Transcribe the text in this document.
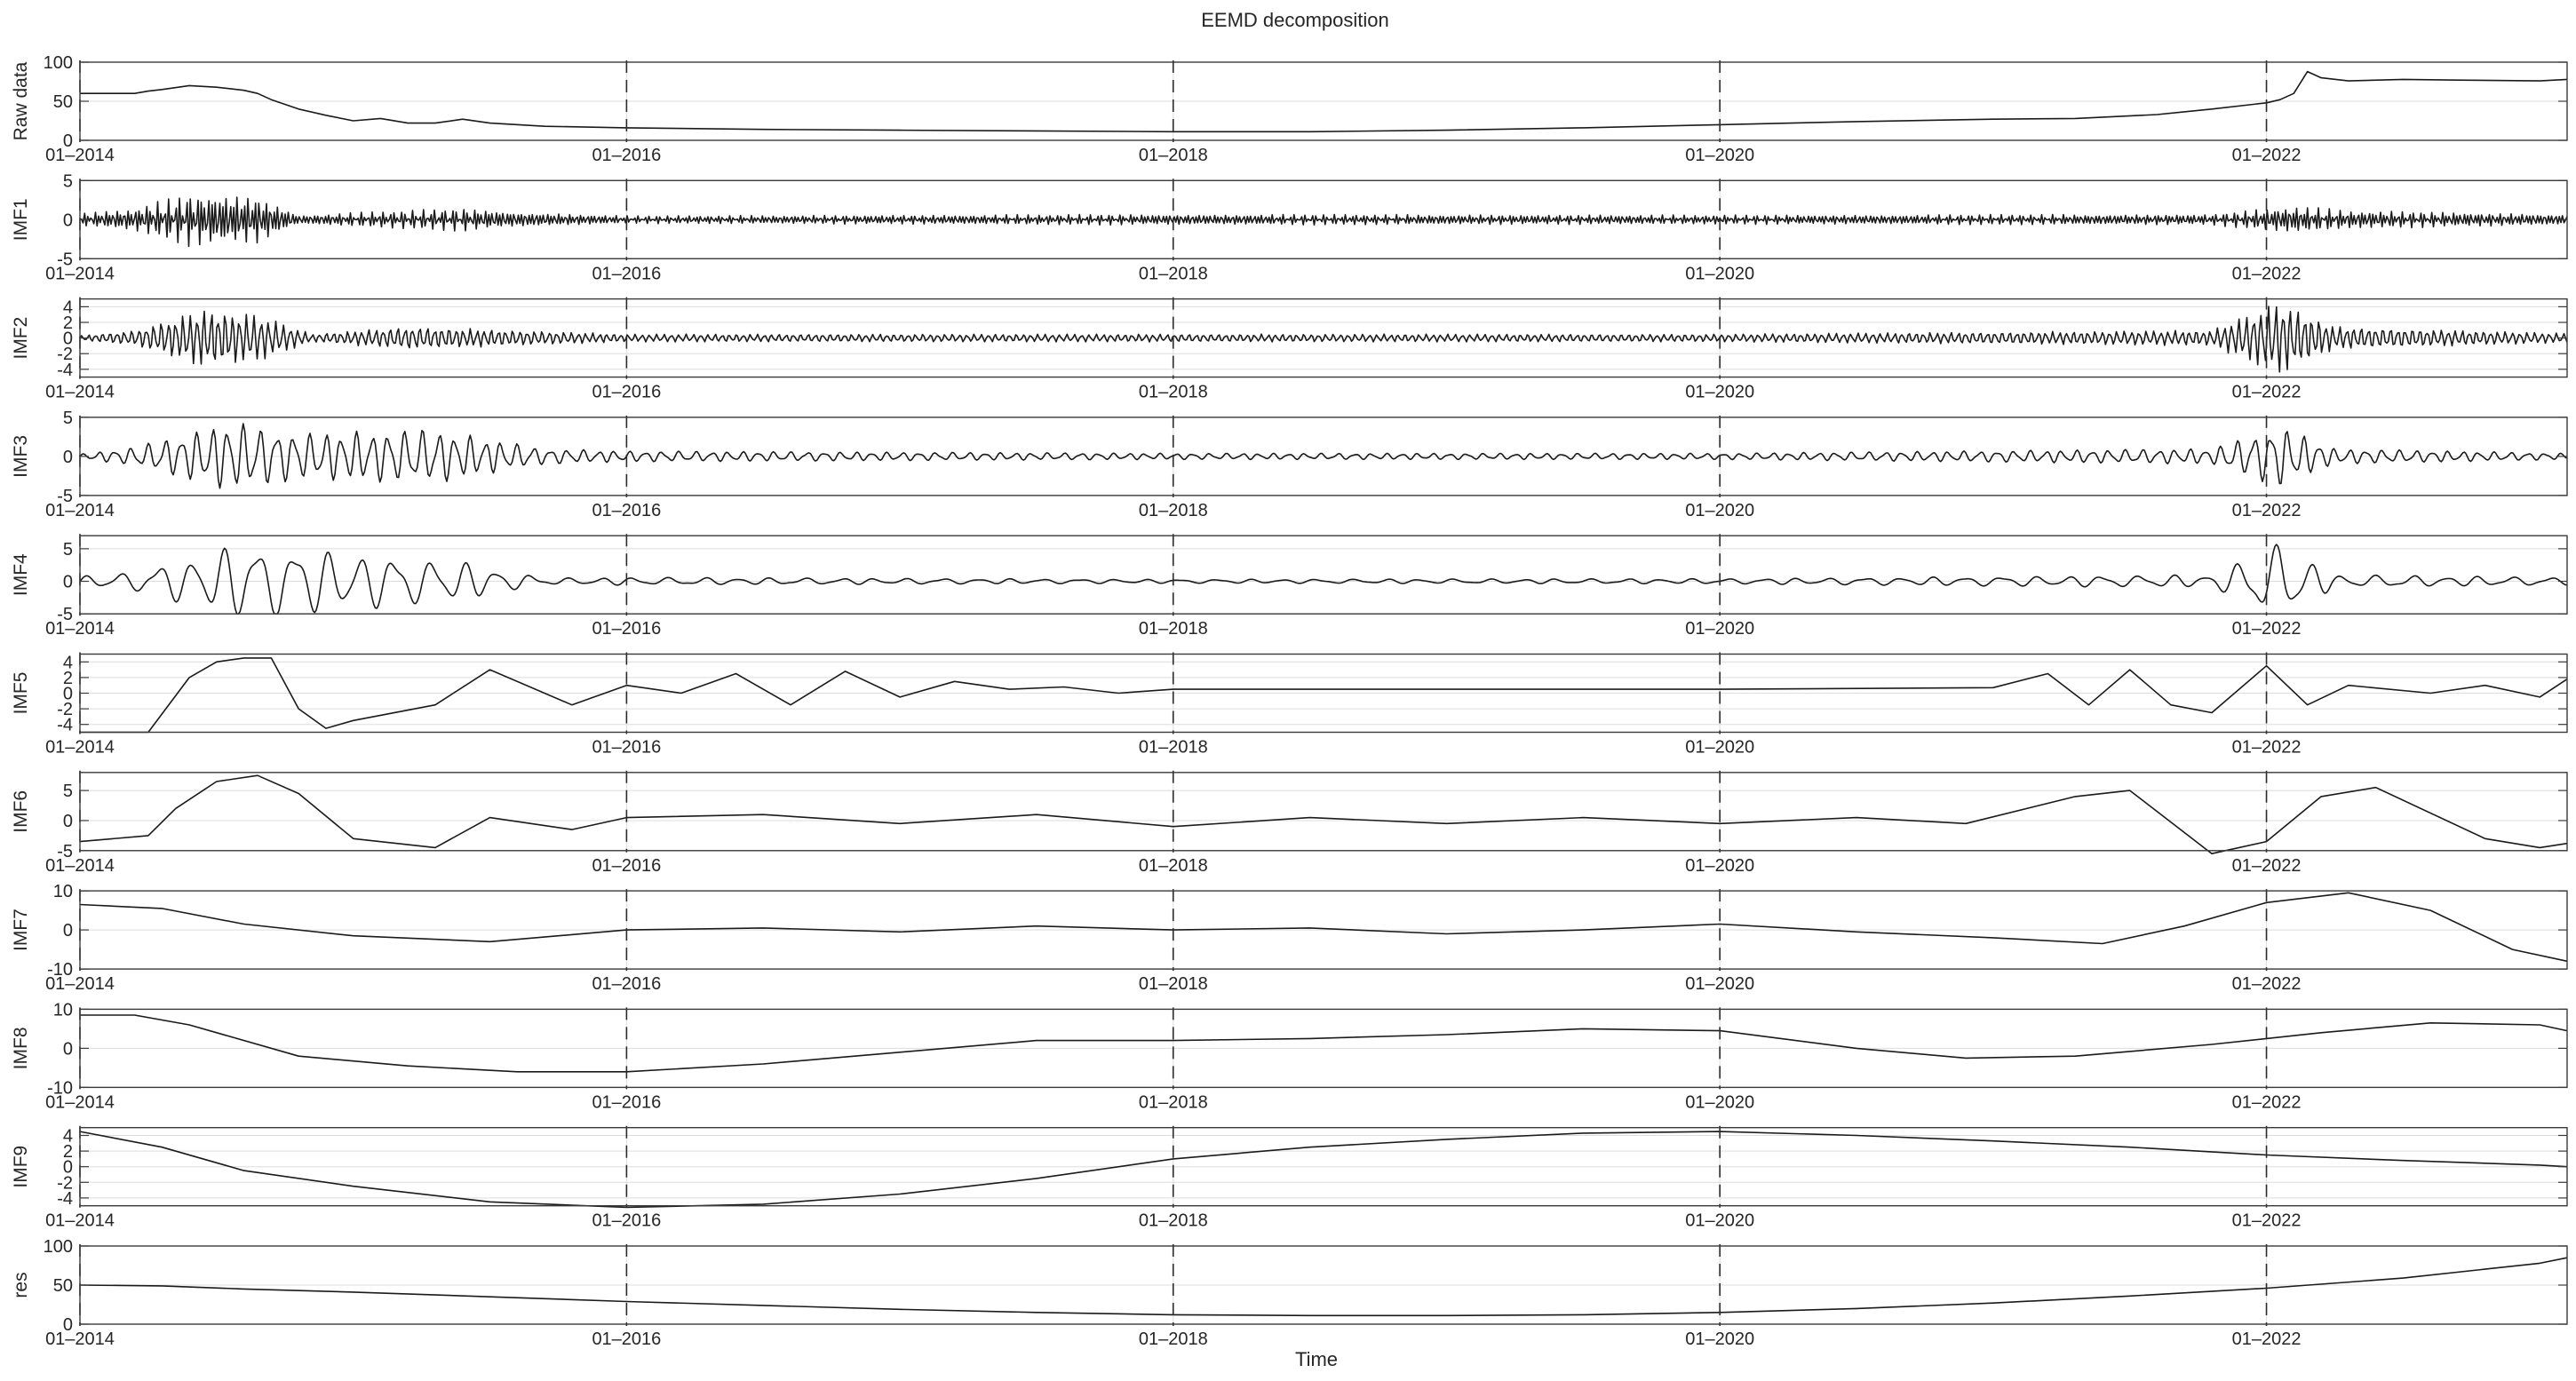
EEMD decomposition
0
50
100
01–2014	01–2016	01–2018	01–2020	01–2022
Raw data
-5
0
5
01–2014	01–2016	01–2018	01–2020	01–2022
IMF1
-4
-2
0
2
4
01–2014	01–2016	01–2018	01–2020	01–2022
IMF2
-5
0
5
01–2014	01–2016	01–2018	01–2020	01–2022
IMF3
-5
0
5
01–2014	01–2016	01–2018	01–2020	01–2022
IMF4
-4
-2
0
2
4
01–2014	01–2016	01–2018	01–2020	01–2022
IMF5
-5
0
5
01–2014	01–2016	01–2018	01–2020	01–2022
IMF6
-10
0
10
01–2014	01–2016	01–2018	01–2020	01–2022
IMF7
-10
0
10
01–2014	01–2016	01–2018	01–2020	01–2022
IMF8
-4
-2
0
2
4
01–2014	01–2016	01–2018	01–2020	01–2022
IMF9
0
50
100
01–2014	01–2016	01–2018	01–2020	01–2022
res
Time
